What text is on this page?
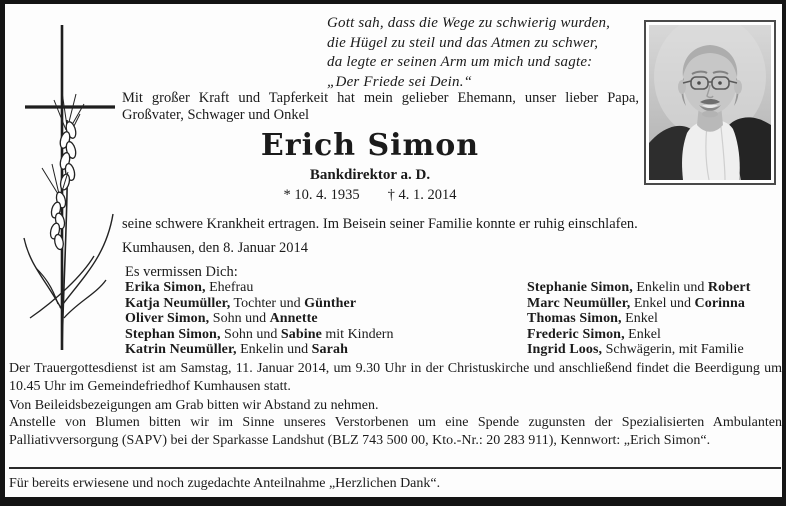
Gott sah, dass die Wege zu schwierig wurden,
die Hügel zu steil und das Atmen zu schwer,
da legte er seinen Arm um mich und sagte:
„Der Friede sei Dein.“
Mit großer Kraft und Tapferkeit hat mein gelieber Ehemann, unser lieber Papa, Großvater, Schwager und Onkel
Erich Simon
Bankdirektor a. D.
* 10. 4. 1935 † 4. 1. 2014
seine schwere Krankheit ertragen. Im Beisein seiner Familie konnte er ruhig einschlafen.
Kumhausen, den 8. Januar 2014
Es vermissen Dich:
Erika Simon, Ehefrau
Katja Neumüller, Tochter und Günther
Oliver Simon, Sohn und Annette
Stephan Simon, Sohn und Sabine mit Kindern
Katrin Neumüller, Enkelin und Sarah
Stephanie Simon, Enkelin und Robert
Marc Neumüller, Enkel und Corinna
Thomas Simon, Enkel
Frederic Simon, Enkel
Ingrid Loos, Schwägerin, mit Familie
Der Trauergottesdienst ist am Samstag, 11. Januar 2014, um 9.30 Uhr in der Christuskirche und anschließend findet die Beerdigung um 10.45 Uhr im Gemeindefriedhof Kumhausen statt.
Von Beileidsbezeigungen am Grab bitten wir Abstand zu nehmen.
Anstelle von Blumen bitten wir im Sinne unseres Verstorbenen um eine Spende zugunsten der Spezialisierten Ambulanten Palliativversorgung (SAPV) bei der Sparkasse Landshut (BLZ 743 500 00, Kto.-Nr.: 20 283 911), Kennwort: „Erich Simon“.
Für bereits erwiesene und noch zugedachte Anteilnahme „Herzlichen Dank“.
